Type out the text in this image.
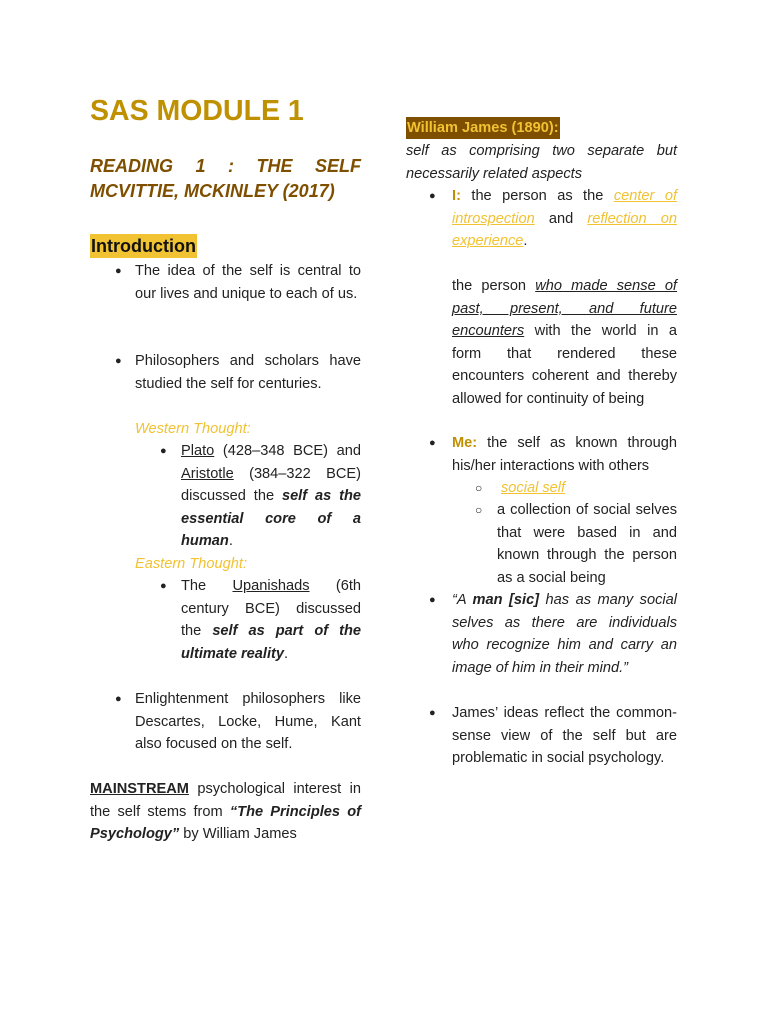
SAS MODULE 1
READING 1 : THE SELF
MCVITTIE, MCKINLEY (2017)
Introduction
● The idea of the self is central to our lives and unique to each of us.
● Philosophers and scholars have studied the self for centuries.
Western Thought:
● Plato (428–348 BCE) and Aristotle (384–322 BCE) discussed the self as the essential core of a human.
Eastern Thought:
● The Upanishads (6th century BCE) discussed the self as part of the ultimate reality.
● Enlightenment philosophers like Descartes, Locke, Hume, Kant also focused on the self.
MAINSTREAM psychological interest in the self stems from “The Principles of Psychology” by William James
William James (1890):
self as comprising two separate but necessarily related aspects
● I: the person as the center of introspection and reflection on experience.
the person who made sense of past, present, and future encounters with the world in a form that rendered these encounters coherent and thereby allowed for continuity of being
● Me: the self as known through his/her interactions with others
○ social self
○ a collection of social selves that were based in and known through the person as a social being
● “A man [sic] has as many social selves as there are individuals who recognize him and carry an image of him in their mind.”
● James’ ideas reflect the common-sense view of the self but are problematic in social psychology.
